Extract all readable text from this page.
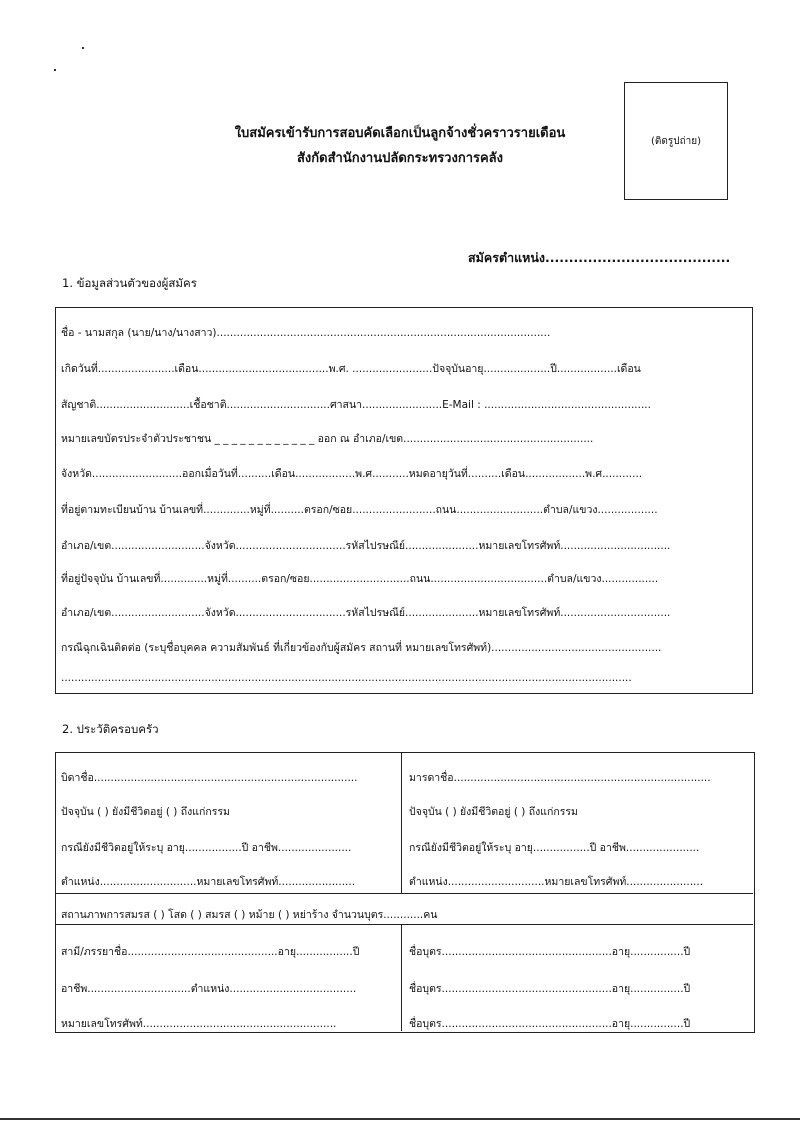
ใบสมัครเข้ารับการสอบคัดเลือกเป็นลูกจ้างชั่วคราวรายเดือน
สังกัดสำนักงานปลัดกระทรวงการคลัง
(ติดรูปถ่าย)
สมัครตำแหน่ง.......................................
1. ข้อมูลส่วนตัวของผู้สมัคร
ชื่อ - นามสกุล (นาย/นาง/นางสาว)....................................................................................................
เกิดวันที่.......................เดือน.......................................พ.ศ. ........................ปัจจุบันอายุ....................ปี..................เดือน
สัญชาติ............................เชื้อชาติ...............................ศาสนา........................E-Mail : ..................................................
หมายเลขบัตรประจำตัวประชาชน _ _ _ _ _ _ _ _ _ _ _ _ ออก ณ อำเภอ/เขต.........................................................
จังหวัด...........................ออกเมื่อวันที่..........เดือน..................พ.ศ...........หมดอายุวันที่..........เดือน..................พ.ศ............
ที่อยู่ตามทะเบียนบ้าน บ้านเลขที่..............หมู่ที่..........ตรอก/ซอย.........................ถนน..........................ตำบล/แขวง..................
อำเภอ/เขต............................จังหวัด.................................รหัสไปรษณีย์......................หมายเลขโทรศัพท์.................................
ที่อยู่ปัจจุบัน บ้านเลขที่..............หมู่ที่..........ตรอก/ซอย..............................ถนน...................................ตำบล/แขวง.................
อำเภอ/เขต............................จังหวัด.................................รหัสไปรษณีย์......................หมายเลขโทรศัพท์.................................
กรณีฉุกเฉินติดต่อ (ระบุชื่อบุคคล ความสัมพันธ์ ที่เกี่ยวข้องกับผู้สมัคร สถานที่ หมายเลขโทรศัพท์)...................................................
...........................................................................................................................................................................
2. ประวัติครอบครัว
บิดาชื่อ...............................................................................
ปัจจุบัน ( ) ยังมีชีวิตอยู่ ( ) ถึงแก่กรรม
กรณียังมีชีวิตอยู่ให้ระบุ อายุ.................ปี อาชีพ......................
ตำแหน่ง.............................หมายเลขโทรศัพท์.......................
มารดาชื่อ.............................................................................
ปัจจุบัน ( ) ยังมีชีวิตอยู่ ( ) ถึงแก่กรรม
กรณียังมีชีวิตอยู่ให้ระบุ อายุ.................ปี อาชีพ......................
ตำแหน่ง.............................หมายเลขโทรศัพท์.......................
สถานภาพการสมรส ( ) โสด ( ) สมรส ( ) หม้าย ( ) หย่าร้าง จำนวนบุตร............คน
สามี/ภรรยาชื่อ.............................................อายุ.................ปี
อาชีพ...............................ตำแหน่ง......................................
หมายเลขโทรศัพท์..........................................................
ชื่อบุตร...................................................อายุ................ปี
ชื่อบุตร...................................................อายุ................ปี
ชื่อบุตร...................................................อายุ................ปี
